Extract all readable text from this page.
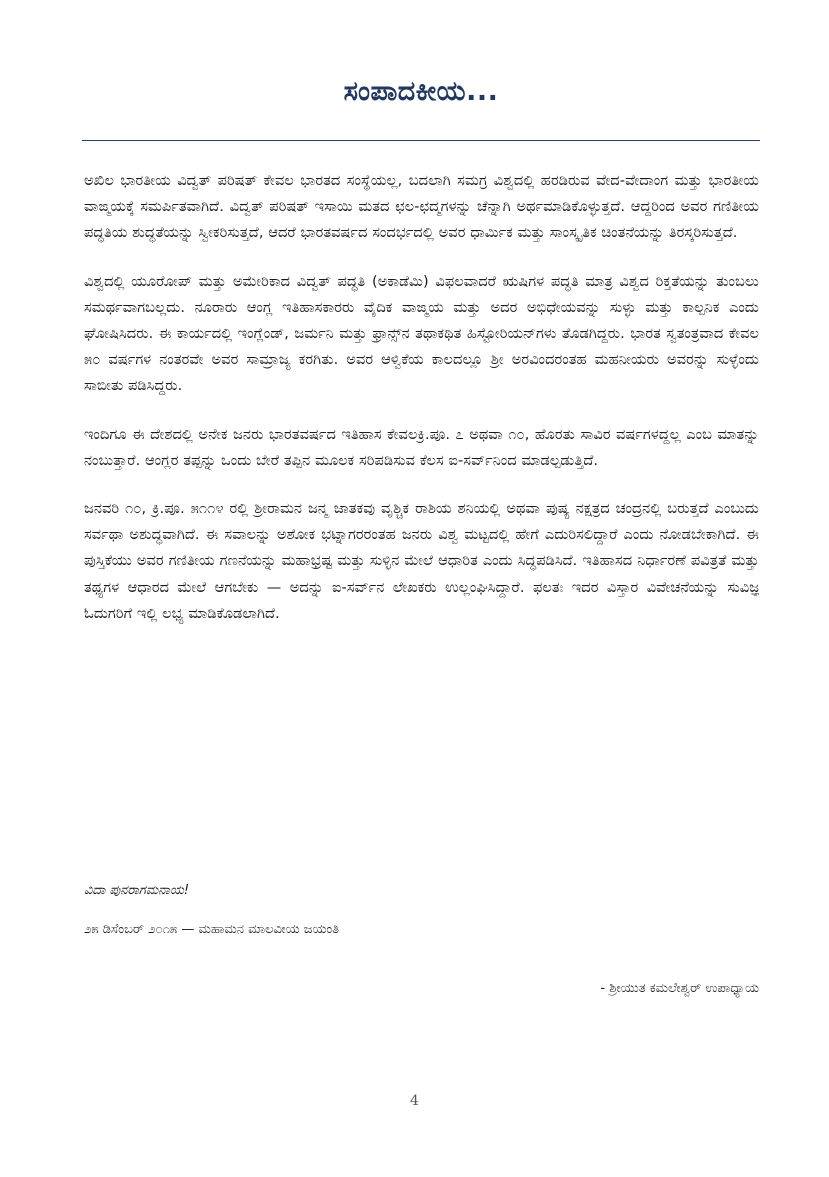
ಸಂಪಾದಕೀಯ...

ಅಖಿಲ ಭಾರತೀಯ ವಿದ್ವತ್ ಪರಿಷತ್ ಕೇವಲ ಭಾರತದ ಸಂಸ್ಥೆಯಲ್ಲ, ಬದಲಾಗಿ ಸಮಗ್ರ ವಿಶ್ವದಲ್ಲಿ ಹರಡಿರುವ ವೇದ-ವೇದಾಂಗ ಮತ್ತು ಭಾರತೀಯ ವಾಙ್ಮಯಕ್ಕೆ ಸಮರ್ಪಿತವಾಗಿದೆ. ವಿದ್ವತ್ ಪರಿಷತ್ ಇಸಾಯಿ ಮತದ ಛಲ-ಛದ್ಮಗಳನ್ನು ಚೆನ್ನಾಗಿ ಅರ್ಥಮಾಡಿಕೊಳ್ಳುತ್ತದೆ. ಆದ್ದರಿಂದ ಅವರ ಗಣಿತೀಯ ಪದ್ಧತಿಯ ಶುದ್ಧತೆಯನ್ನು ಸ್ವೀಕರಿಸುತ್ತದೆ, ಆದರೆ ಭಾರತವರ್ಷದ ಸಂದರ್ಭದಲ್ಲಿ ಅವರ ಧಾರ್ಮಿಕ ಮತ್ತು ಸಾಂಸ್ಕೃತಿಕ ಚಿಂತನೆಯನ್ನು ತಿರಸ್ಕರಿಸುತ್ತದೆ.

ವಿಶ್ವದಲ್ಲಿ ಯೂರೋಪ್ ಮತ್ತು ಅಮೇರಿಕಾದ ವಿದ್ವತ್ ಪದ್ಧತಿ (ಅಕಾಡೆಮಿ) ವಿಫಲವಾದರೆ ಋಷಿಗಳ ಪದ್ಧತಿ ಮಾತ್ರ ವಿಶ್ವದ ರಿಕ್ತತೆಯನ್ನು ತುಂಬಲು ಸಮರ್ಥವಾಗಬಲ್ಲದು. ನೂರಾರು ಆಂಗ್ಲ ಇತಿಹಾಸಕಾರರು ವೈದಿಕ ವಾಙ್ಮಯ ಮತ್ತು ಅದರ ಅಭಿಧೇಯವನ್ನು ಸುಳ್ಳು ಮತ್ತು ಕಾಲ್ಪನಿಕ ಎಂದು ಘೋಷಿಸಿದರು. ಈ ಕಾರ್ಯದಲ್ಲಿ ಇಂಗ್ಲೆಂಡ್, ಜರ್ಮನಿ ಮತ್ತು ಫ್ರಾನ್ಸ್‌ನ ತಥಾಕಥಿತ ಹಿಸ್ಟೋರಿಯನ್‌ಗಳು ತೊಡಗಿದ್ದರು. ಭಾರತ ಸ್ವತಂತ್ರವಾದ ಕೇವಲ ೫೦ ವರ್ಷಗಳ ನಂತರವೇ ಅವರ ಸಾಮ್ರಾಜ್ಯ ಕರಗಿತು. ಅವರ ಆಳ್ವಿಕೆಯ ಕಾಲದಲ್ಲೂ ಶ್ರೀ ಅರವಿಂದರಂತಹ ಮಹನೀಯರು ಅವರನ್ನು ಸುಳ್ಳೆಂದು ಸಾಬೀತು ಪಡಿಸಿದ್ದರು.

ಇಂದಿಗೂ ಈ ದೇಶದಲ್ಲಿ ಅನೇಕ ಜನರು ಭಾರತವರ್ಷದ ಇತಿಹಾಸ ಕೇವಲಕ್ರಿ.ಪೂ. ೭ ಅಥವಾ ೧೦, ಹೊರತು ಸಾವಿರ ವರ್ಷಗಳದ್ದಲ್ಲ ಎಂಬ ಮಾತನ್ನು ನಂಬುತ್ತಾರೆ. ಆಂಗ್ಲರ ತಪ್ಪನ್ನು ಒಂದು ಬೇರೆ ತಪ್ಪಿನ ಮೂಲಕ ಸರಿಪಡಿಸುವ ಕೆಲಸ ಐ-ಸರ್ವ್‌ನಿಂದ ಮಾಡಲ್ಪಡುತ್ತಿದೆ.

ಜನವರಿ ೧೦, ಕ್ರಿ.ಪೂ. ೫೧೧೪ ರಲ್ಲಿ ಶ್ರೀರಾಮನ ಜನ್ಮ ಜಾತಕವು ವೃಶ್ಚಿಕ ರಾಶಿಯ ಶನಿಯಲ್ಲಿ ಅಥವಾ ಪುಷ್ಯ ನಕ್ಷತ್ರದ ಚಂದ್ರನಲ್ಲಿ ಬರುತ್ತದೆ ಎಂಬುದು ಸರ್ವಥಾ ಅಶುದ್ಧವಾಗಿದೆ. ಈ ಸವಾಲನ್ನು ಅಶೋಕ ಭಟ್ನಾಗರರಂತಹ ಜನರು ವಿಶ್ವ ಮಟ್ಟದಲ್ಲಿ ಹೇಗೆ ಎದುರಿಸಲಿದ್ದಾರೆ ಎಂದು ನೋಡಬೇಕಾಗಿದೆ. ಈ ಪುಸ್ತಿಕೆಯು ಅವರ ಗಣಿತೀಯ ಗಣನೆಯನ್ನು ಮಹಾಭ್ರಷ್ಟ ಮತ್ತು ಸುಳ್ಳಿನ ಮೇಲೆ ಆಧಾರಿತ ಎಂದು ಸಿದ್ಧಪಡಿಸಿದೆ. ಇತಿಹಾಸದ ನಿರ್ಧಾರಣೆ ಪವಿತ್ರತೆ ಮತ್ತು ತಥ್ಯಗಳ ಆಧಾರದ ಮೇಲೆ ಆಗಬೇಕು — ಅದನ್ನು ಐ-ಸರ್ವ್‌ನ ಲೇಖಕರು ಉಲ್ಲಂಘಿಸಿದ್ದಾರೆ. ಫಲತಃ ಇದರ ವಿಸ್ತಾರ ವಿವೇಚನೆಯನ್ನು ಸುವಿಜ್ಞ ಓದುಗರಿಗೆ ಇಲ್ಲಿ ಲಭ್ಯ ಮಾಡಿಕೊಡಲಾಗಿದೆ.

ವಿದಾ ಪುನರಾಗಮನಾಯ!

೨೫ ಡಿಸೆಂಬರ್ ೨೦೧೫ — ಮಹಾಮನ ಮಾಲವೀಯ ಜಯಂತಿ

- ಶ್ರೀಯುತ ಕಮಲೇಶ್ವರ್ ಉಪಾಧ್ಯಾಯ

4
